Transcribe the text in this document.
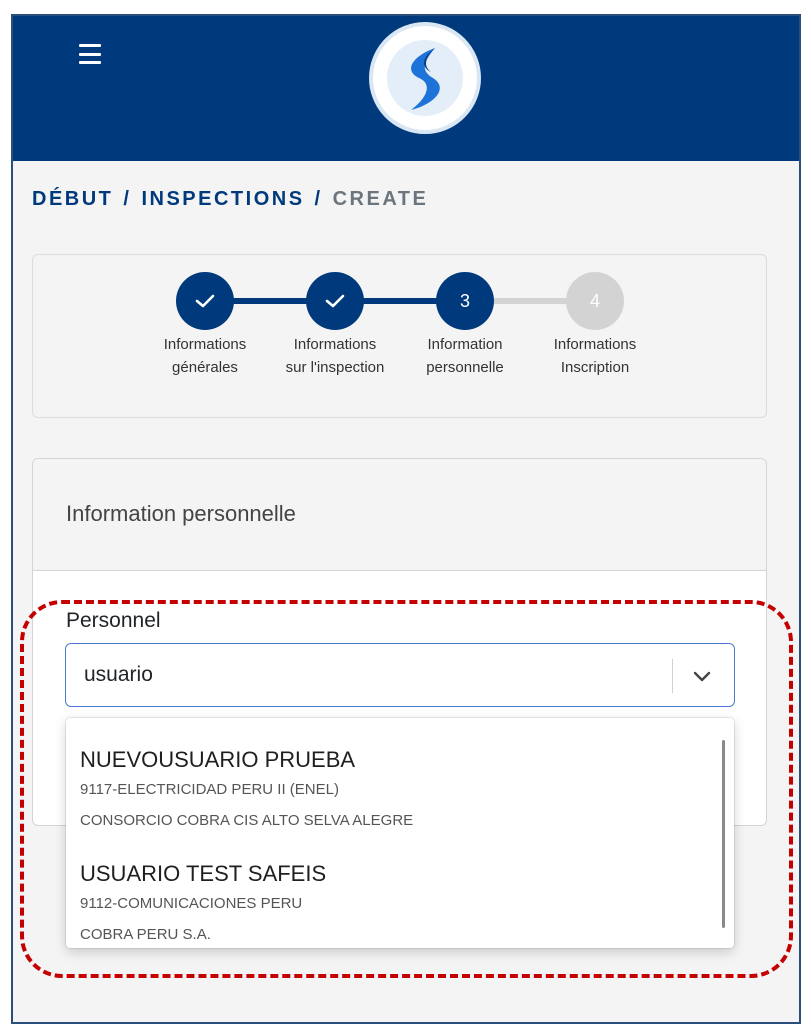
DÉBUT / INSPECTIONS / CREATE
3	4
Informations
générales
Informations
sur l'inspection
Information
personnelle
Informations
Inscription
Information personnelle
Personnel
usuario
NUEVOUSUARIO PRUEBA
9117-ELECTRICIDAD PERU II (ENEL)
CONSORCIO COBRA CIS ALTO SELVA ALEGRE
USUARIO TEST SAFEIS
9112-COMUNICACIONES PERU
COBRA PERU S.A.
